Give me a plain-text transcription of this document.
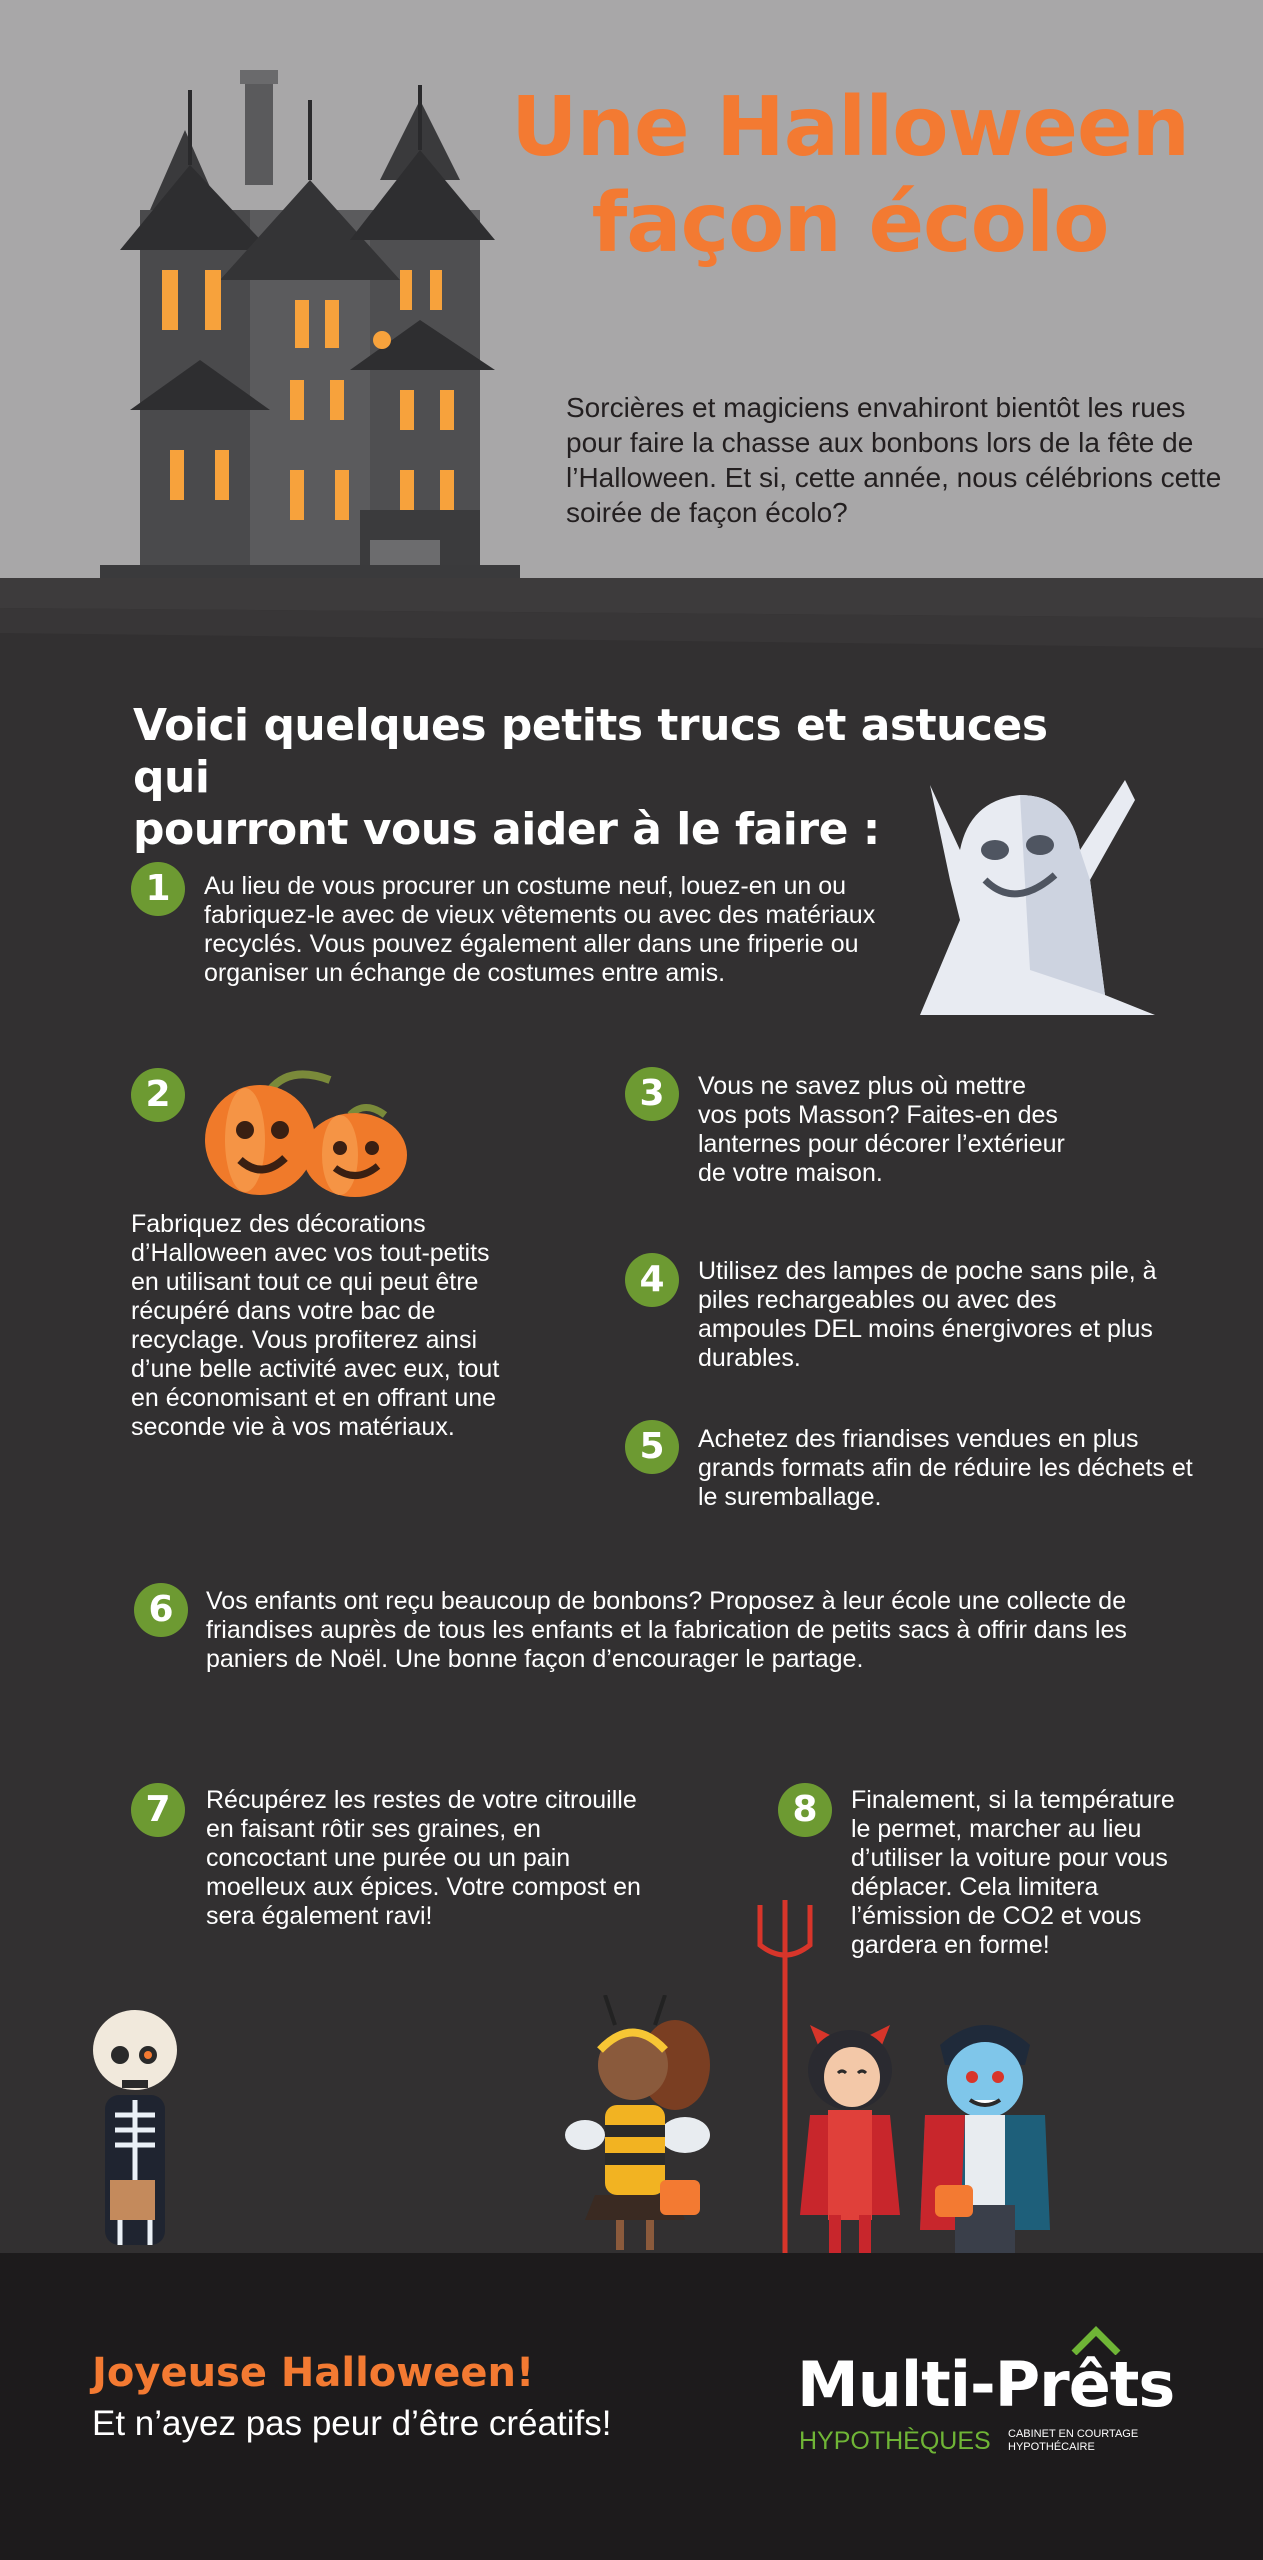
Une Halloween
façon écolo
Sorcières et magiciens envahiront bientôt les rues pour faire la chasse aux bonbons lors de la fête de l’Halloween. Et si, cette année, nous célébrions cette soirée de façon écolo?
Voici quelques petits trucs et astuces qui
pourront vous aider à le faire :
1	Au lieu de vous procurer un costume neuf, louez-en un ou fabriquez-le avec de vieux vêtements ou avec des matériaux recyclés. Vous pouvez également aller dans une friperie ou organiser un échange de costumes entre amis.
2
Fabriquez des décorations d’Halloween avec vos tout-petits en utilisant tout ce qui peut être récupéré dans votre bac de recyclage. Vous profiterez ainsi d’une belle activité avec eux, tout en économisant et en offrant une seconde vie à vos matériaux.
3	Vous ne savez plus où mettre vos pots Masson? Faites-en des lanternes pour décorer l’extérieur de votre maison.
4	Utilisez des lampes de poche sans pile, à piles rechargeables ou avec des ampoules DEL moins énergivores et plus durables.
5	Achetez des friandises vendues en plus grands formats afin de réduire les déchets et le suremballage.
6	Vos enfants ont reçu beaucoup de bonbons? Proposez à leur école une collecte de friandises auprès de tous les enfants et la fabrication de petits sacs à offrir dans les paniers de Noël. Une bonne façon d’encourager le partage.
7	Récupérez les restes de votre citrouille en faisant rôtir ses graines, en concoctant une purée ou un pain moelleux aux épices. Votre compost en sera également ravi!
8	Finalement, si la température le permet, marcher au lieu d’utiliser la voiture pour vous déplacer. Cela limitera l’émission de CO2 et vous gardera en forme!
Joyeuse Halloween!
Et n’ayez pas peur d’être créatifs!
Multi-Prêts
HYPOTHÈQUES CABINET EN COURTAGE HYPOTHÉCAIRE
